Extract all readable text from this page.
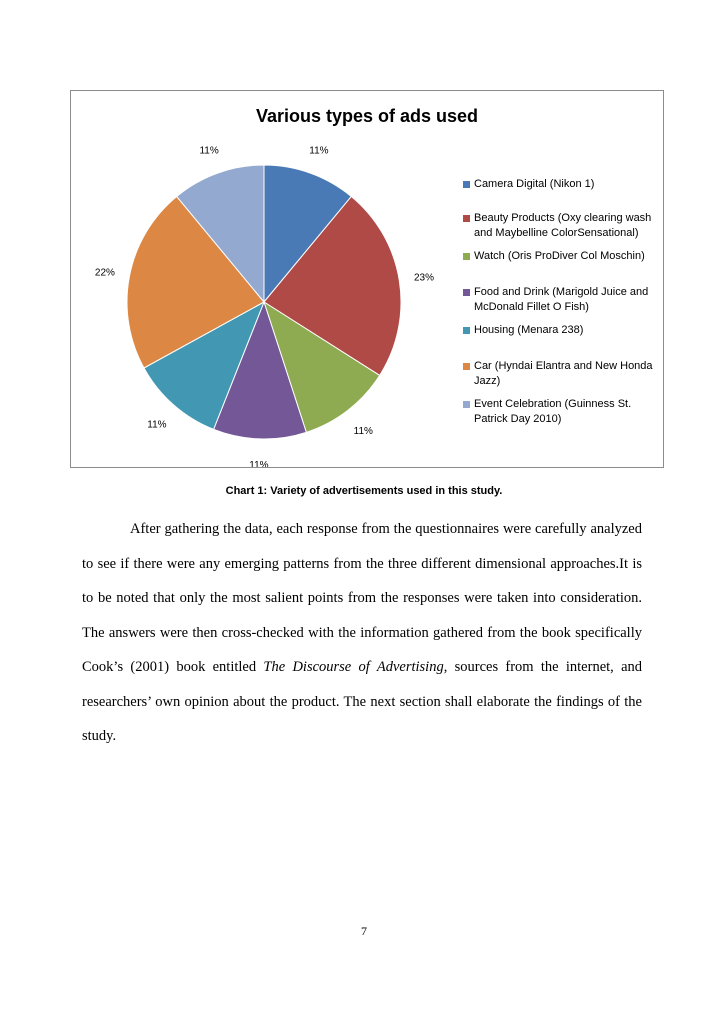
Various types of ads used
11%
23%
11%
11%
11%
22%
11%
Camera Digital (Nikon 1)
Beauty Products (Oxy clearing wash and Maybelline ColorSensational)
Watch (Oris ProDiver Col Moschin)
Food and Drink (Marigold Juice and McDonald Fillet O Fish)
Housing (Menara 238)
Car (Hyndai Elantra and New Honda Jazz)
Event Celebration (Guinness St. Patrick Day 2010)
Chart 1: Variety of advertisements used in this study.

After gathering the data, each response from the questionnaires were carefully analyzed to see if there were any emerging patterns from the three different dimensional approaches.It is to be noted that only the most salient points from the responses were taken into consideration. The answers were then cross-checked with the information gathered from the book specifically Cook’s (2001) book entitled The Discourse of Advertising, sources from the internet, and researchers’ own opinion about the product. The next section shall elaborate the findings of the study.

7
